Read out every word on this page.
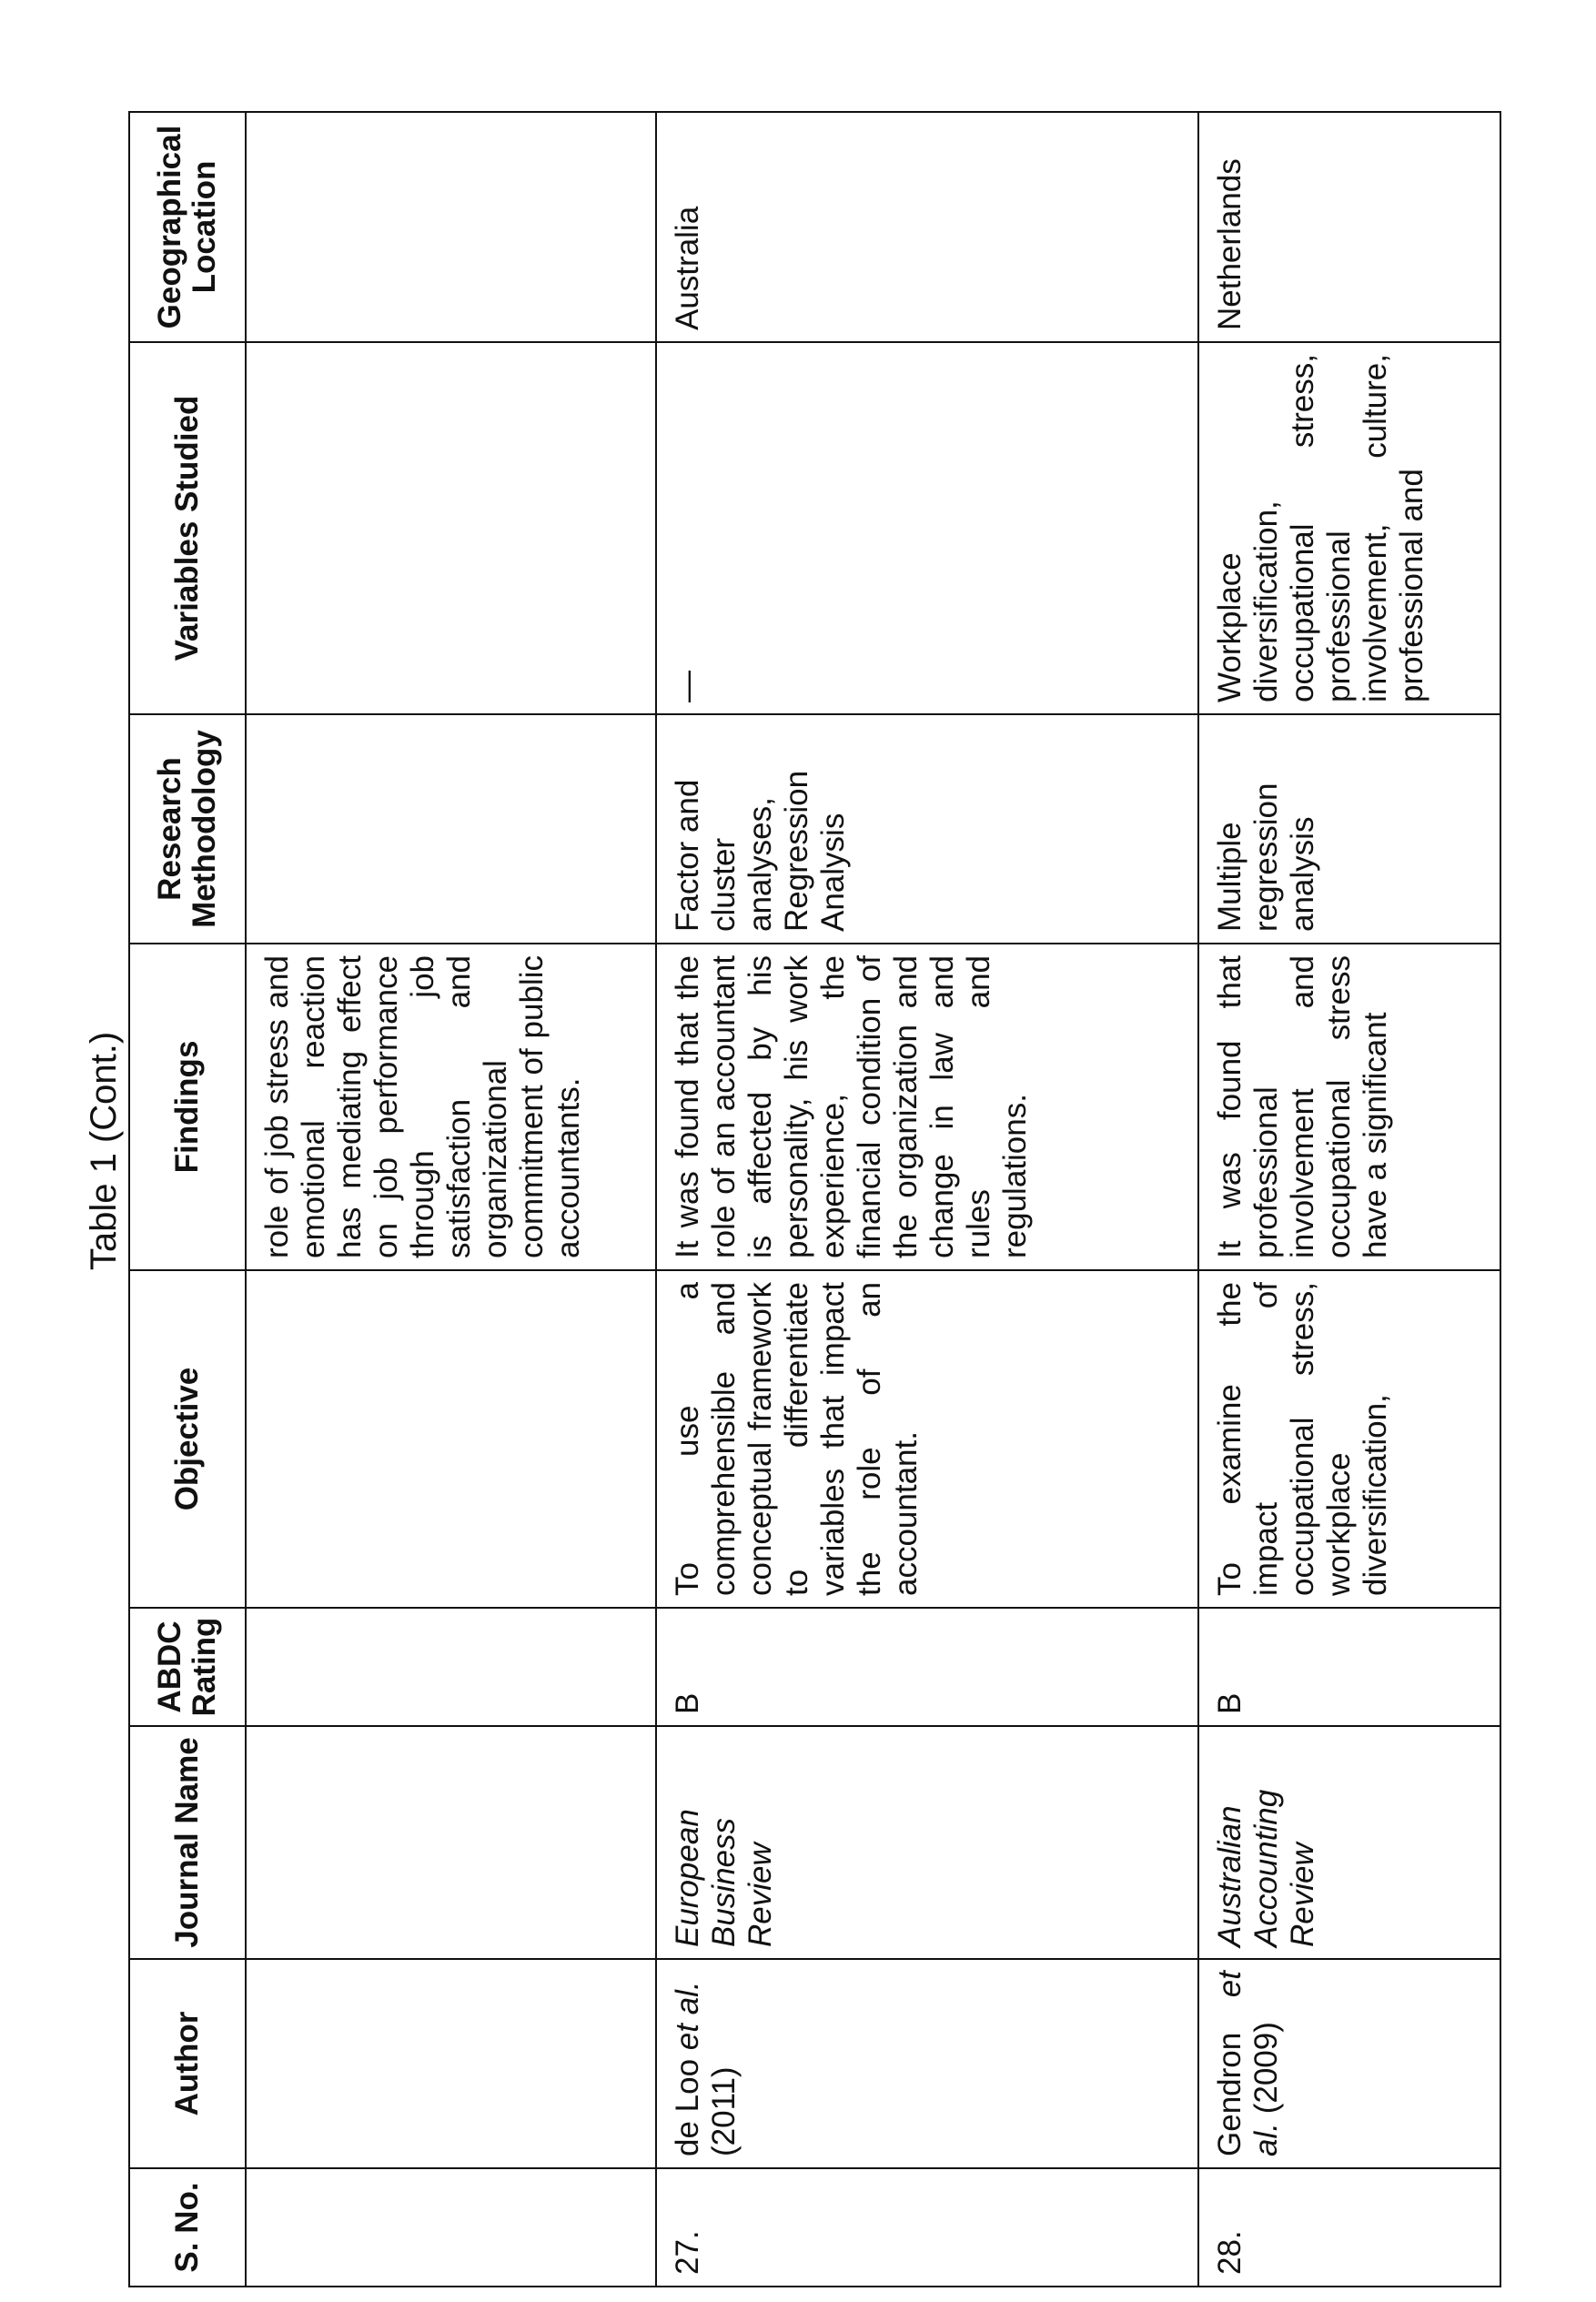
Table 1 (Cont.)
S. No.	Author	Journal Name	ABDC Rating	Objective	Findings	Research Methodology	Variables Studied	Geographical Location
					role of job stress and emotional reaction has mediating effect on job performance through job satisfaction and organizational commitment of public accountants.			
27.	de Loo et al. (2011)	European Business Review	B	To use a comprehensible and conceptual framework to differentiate variables that impact the role of an accountant.	It was found that the role of an accountant is affected by his personality, his work experience, the financial condition of the organization and change in law and rules and regulations.	Factor and cluster analyses, Regression Analysis	—	Australia
28.	Gendron et al. (2009)	Australian Accounting Review	B	To examine the impact of occupational stress, workplace diversification,	It was found that professional involvement and occupational stress have a significant	Multiple regression analysis	Workplace diversification, occupational stress, professional involvement, culture, professional and	Netherlands
